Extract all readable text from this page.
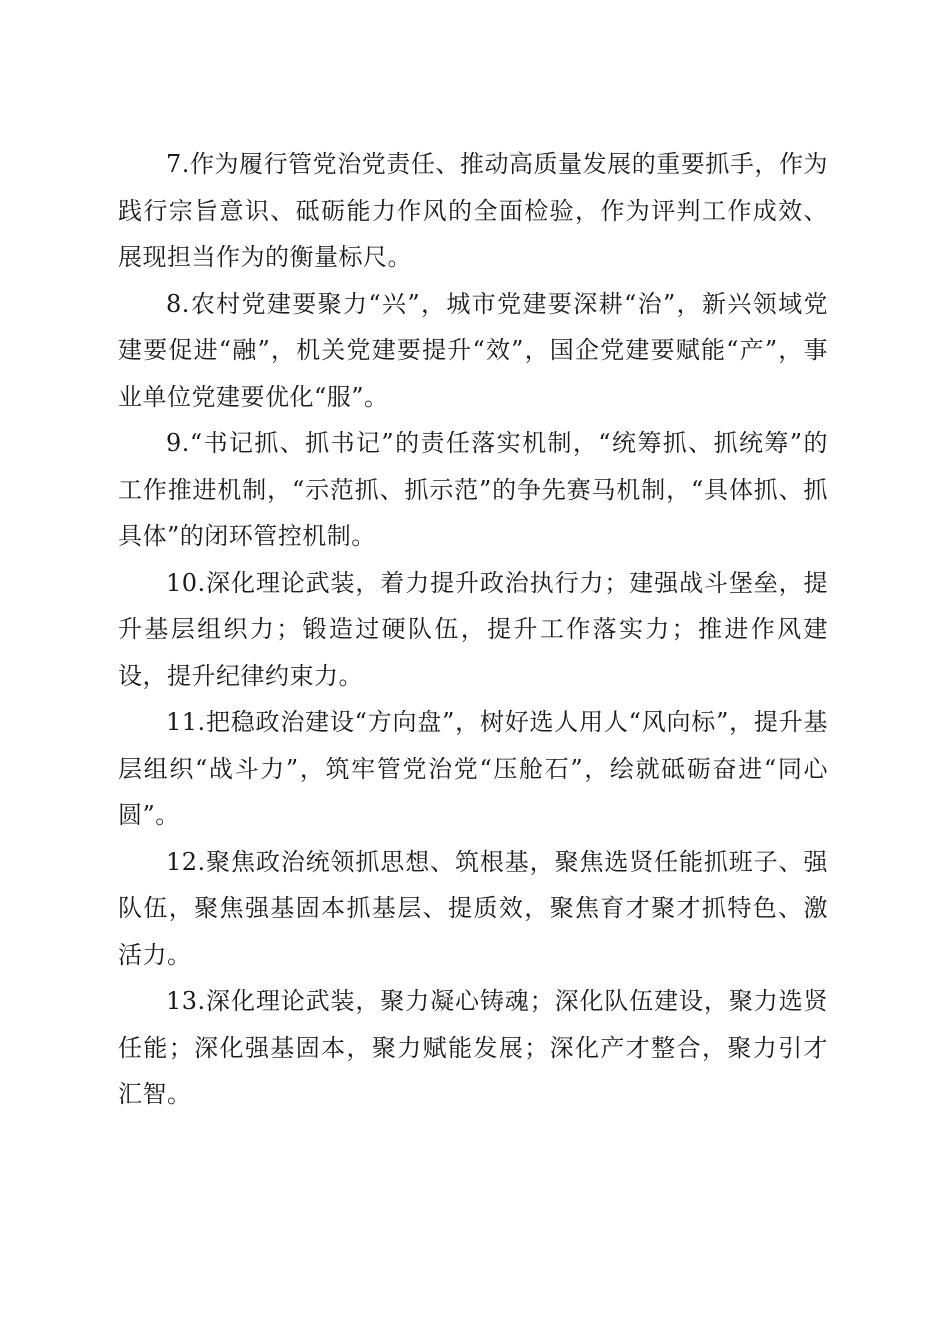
7.作为履行管党治党责任、推动高质量发展的重要抓手，作为践行宗旨意识、砥砺能力作风的全面检验，作为评判工作成效、展现担当作为的衡量标尺。

8.农村党建要聚力“兴”，城市党建要深耕“治”，新兴领域党建要促进“融”，机关党建要提升“效”，国企党建要赋能“产”，事业单位党建要优化“服”。

9.“书记抓、抓书记”的责任落实机制，“统筹抓、抓统筹”的工作推进机制，“示范抓、抓示范”的争先赛马机制，“具体抓、抓具体”的闭环管控机制。

10.深化理论武装，着力提升政治执行力；建强战斗堡垒，提升基层组织力；锻造过硬队伍，提升工作落实力；推进作风建设，提升纪律约束力。

11.把稳政治建设“方向盘”，树好选人用人“风向标”，提升基层组织“战斗力”，筑牢管党治党“压舱石”，绘就砥砺奋进“同心圆”。

12.聚焦政治统领抓思想、筑根基，聚焦选贤任能抓班子、强队伍，聚焦强基固本抓基层、提质效，聚焦育才聚才抓特色、激活力。

13.深化理论武装，聚力凝心铸魂；深化队伍建设，聚力选贤任能；深化强基固本，聚力赋能发展；深化产才整合，聚力引才汇智。
